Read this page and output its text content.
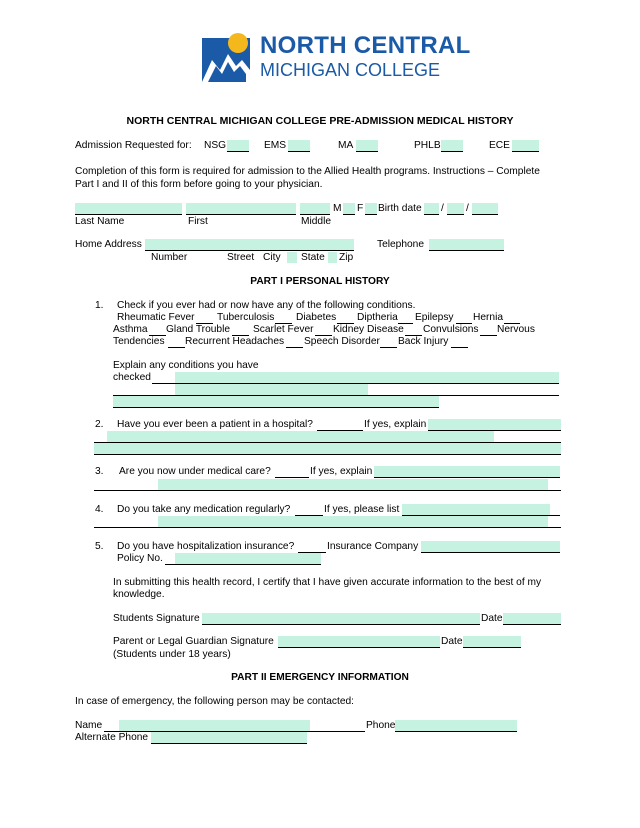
NORTH CENTRAL
MICHIGAN COLLEGE
NORTH CENTRAL MICHIGAN COLLEGE PRE-ADMISSION MEDICAL HISTORY
Admission Requested for: NSG	EMS	MA	PHLB	ECE
Completion of this form is required for admission to the Allied Health programs. Instructions – Complete
Part I and II of this form before going to your physician.
M F Birth date / /
Last Name	First	Middle
Home Address	Telephone
Number	Street City State Zip
PART I PERSONAL HISTORY
1. Check if you ever had or now have any of the following conditions.
Rheumatic Fever Tuberculosis Diabetes Diptheria Epilepsy Hernia
Asthma Gland Trouble Scarlet Fever Kidney Disease Convulsions Nervous
Tendencies Recurrent Headaches Speech Disorder Back Injury
Explain any conditions you have
checked
2. Have you ever been a patient in a hospital?	If yes, explain
3. Are you now under medical care?	If yes, explain
4. Do you take any medication regularly?	If yes, please list
5. Do you have hospitalization insurance?	Insurance Company
Policy No.
In submitting this health record, I certify that I have given accurate information to the best of my
knowledge.
Students Signature	Date
Parent or Legal Guardian Signature	Date
(Students under 18 years)
PART II EMERGENCY INFORMATION
In case of emergency, the following person may be contacted:
Name	Phone
Alternate Phone
